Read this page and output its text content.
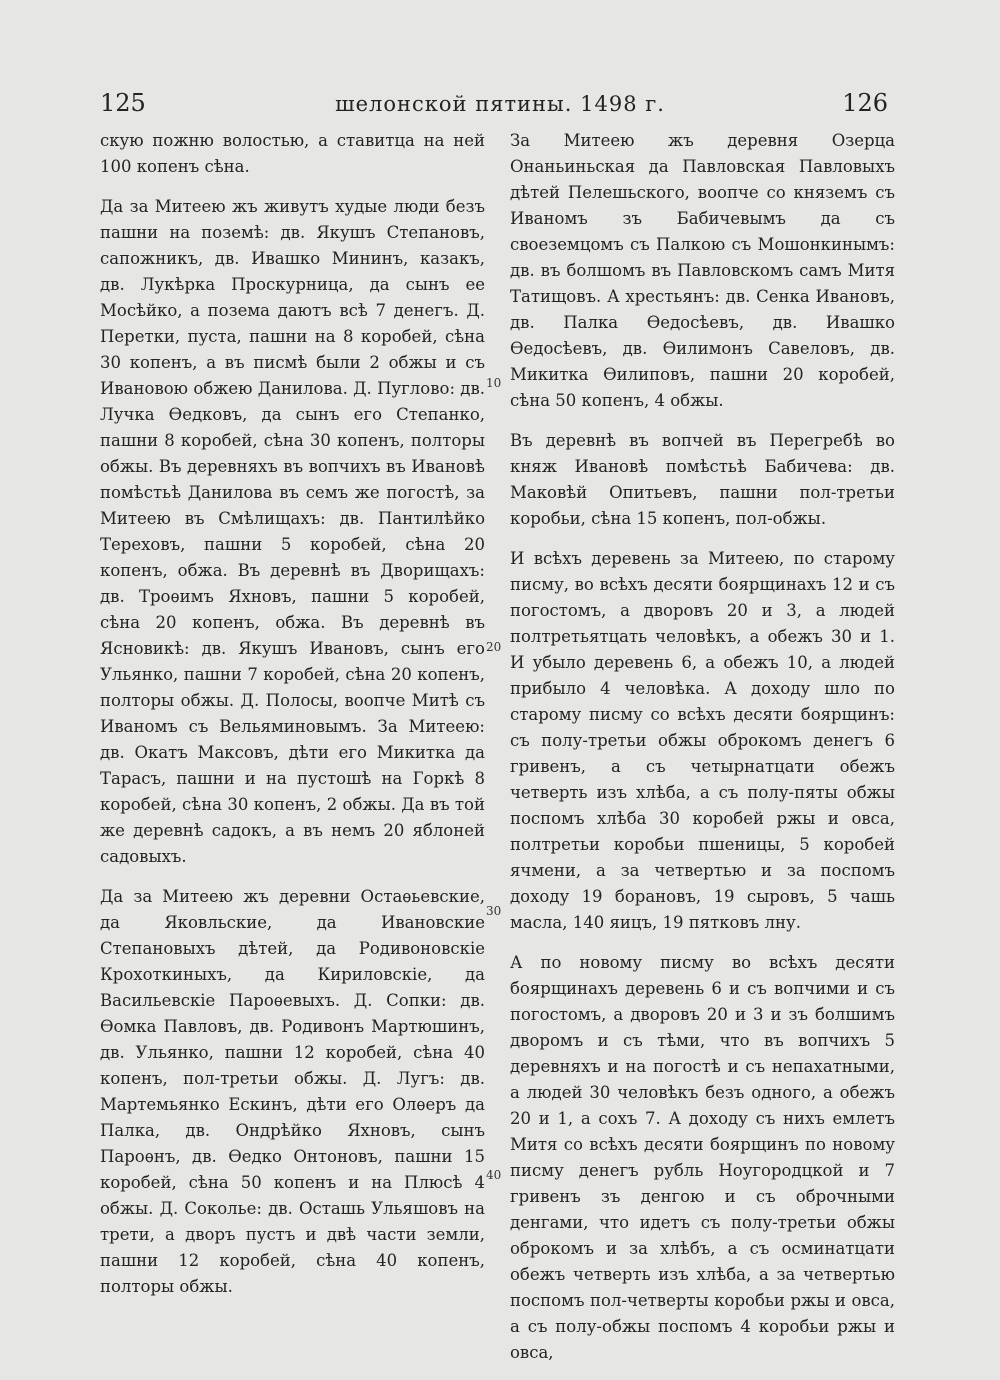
125	шелонской пятины. 1498 г.	126

скую пожню волостью, а ставитца на ней 100 копенъ сѣна.

Да за Митеею жъ живутъ худые люди безъ пашни на поземѣ: дв. Якушъ Степановъ, сапожникъ, дв. Ивашко Мининъ, казакъ, дв. Лукѣрка Проскурница, да сынъ ее Мосѣйко, а позема даютъ всѣ 7 денегъ. Д. Перетки, пуста, пашни на 8 коробей, сѣна 30 копенъ, а въ писмѣ были 2 обжы и съ Ивановою обжею Данилова. Д. Пуглово: дв. Лучка Ѳедковъ, да сынъ его Степанко, пашни 8 коробей, сѣна 30 копенъ, полторы обжы. Въ деревняхъ въ вопчихъ въ Ивановѣ помѣстьѣ Данилова въ семъ же погостѣ, за Митеею въ Смѣлищахъ: дв. Пантилѣйко Тереховъ, пашни 5 коробей, сѣна 20 копенъ, обжа. Въ деревнѣ въ Дворищахъ: дв. Троѳимъ Яхновъ, пашни 5 коробей, сѣна 20 копенъ, обжа. Въ деревнѣ въ Ясновикѣ: дв. Якушъ Ивановъ, сынъ его Ульянко, пашни 7 коробей, сѣна 20 копенъ, полторы обжы. Д. Полосы, воопче Митѣ съ Иваномъ съ Вельяминовымъ. За Митеею: дв. Окатъ Максовъ, дѣти его Микитка да Тарасъ, пашни и на пустошѣ на Горкѣ 8 коробей, сѣна 30 копенъ, 2 обжы. Да въ той же деревнѣ садокъ, а въ немъ 20 яблоней садовыхъ.

Да за Митеею жъ деревни Остаѳьевские, да Яковльские, да Ивановские Степановыхъ дѣтей, да Родивоновскiе Крохоткиныхъ, да Кириловскiе, да Васильевскiе Пароѳевыхъ. Д. Сопки: дв. Ѳомка Павловъ, дв. Родивонъ Мартюшинъ, дв. Ульянко, пашни 12 коробей, сѣна 40 копенъ, пол-третьи обжы. Д. Лугъ: дв. Мартемьянко Ескинъ, дѣти его Олѳеръ да Палка, дв. Ондрѣйко Яхновъ, сынъ Пароѳнъ, дв. Ѳедко Онтоновъ, пашни 15 коробей, сѣна 50 копенъ и на Плюсѣ 4 обжы. Д. Соколье: дв. Осташь Ульяшовъ на трети, а дворъ пустъ и двѣ части земли, пашни 12 коробей, сѣна 40 копенъ, полторы обжы.

За Митеею жъ деревня Озерца Онаньиньская да Павловская Павловыхъ дѣтей Пелешьского, воопче со княземъ съ Иваномъ зъ Бабичевымъ да съ своеземцомъ съ Палкою съ Мошонкинымъ: дв. въ болшомъ въ Павловскомъ самъ Митя Татищовъ. А хрестьянъ: дв. Сенка Ивановъ, дв. Палка Ѳедосѣевъ, дв. Ивашко Ѳедосѣевъ, дв. Ѳилимонъ Савеловъ, дв. Микитка Ѳилиповъ, пашни 20 коробей, сѣна 50 копенъ, 4 обжы.

Въ деревнѣ въ вопчей въ Перегребѣ во княж Ивановѣ помѣстьѣ Бабичева: дв. Маковѣй Опитьевъ, пашни пол-третьи коробьи, сѣна 15 копенъ, пол-обжы.

И всѣхъ деревень за Митеею, по старому писму, во всѣхъ десяти боярщинахъ 12 и съ погостомъ, а дворовъ 20 и 3, а людей полтретьятцать человѣкъ, а обежъ 30 и 1. И убыло деревень 6, а обежъ 10, а людей прибыло 4 человѣка. А доходу шло по старому писму со всѣхъ десяти боярщинъ: съ полу-третьи обжы оброкомъ денегъ 6 гривенъ, а съ четырнатцати обежъ четверть изъ хлѣба, а съ полу-пяты обжы поспомъ хлѣба 30 коробей ржы и овса, полтретьи коробьи пшеницы, 5 коробей ячмени, а за четвертью и за поспомъ доходу 19 борановъ, 19 сыровъ, 5 чашь масла, 140 яицъ, 19 пятковъ лну.

А по новому писму во всѣхъ десяти боярщинахъ деревень 6 и съ вопчими и съ погостомъ, а дворовъ 20 и 3 и зъ болшимъ дворомъ и съ тѣми, что въ вопчихъ 5 деревняхъ и на погостѣ и съ непахатными, а людей 30 человѣкъ безъ одного, а обежъ 20 и 1, а сохъ 7. А доходу съ нихъ емлетъ Митя со всѣхъ десяти боярщинъ по новому писму денегъ рубль Ноугородцкой и 7 гривенъ зъ денгою и съ оброчными денгами, что идетъ съ полу-третьи обжы оброкомъ и за хлѣбъ, а съ осминатцати обежъ четверть изъ хлѣба, а за четвертью поспомъ пол-четверты коробьи ржы и овса, а съ полу-обжы поспомъ 4 коробьи ржы и овса,

10
20
30
40
